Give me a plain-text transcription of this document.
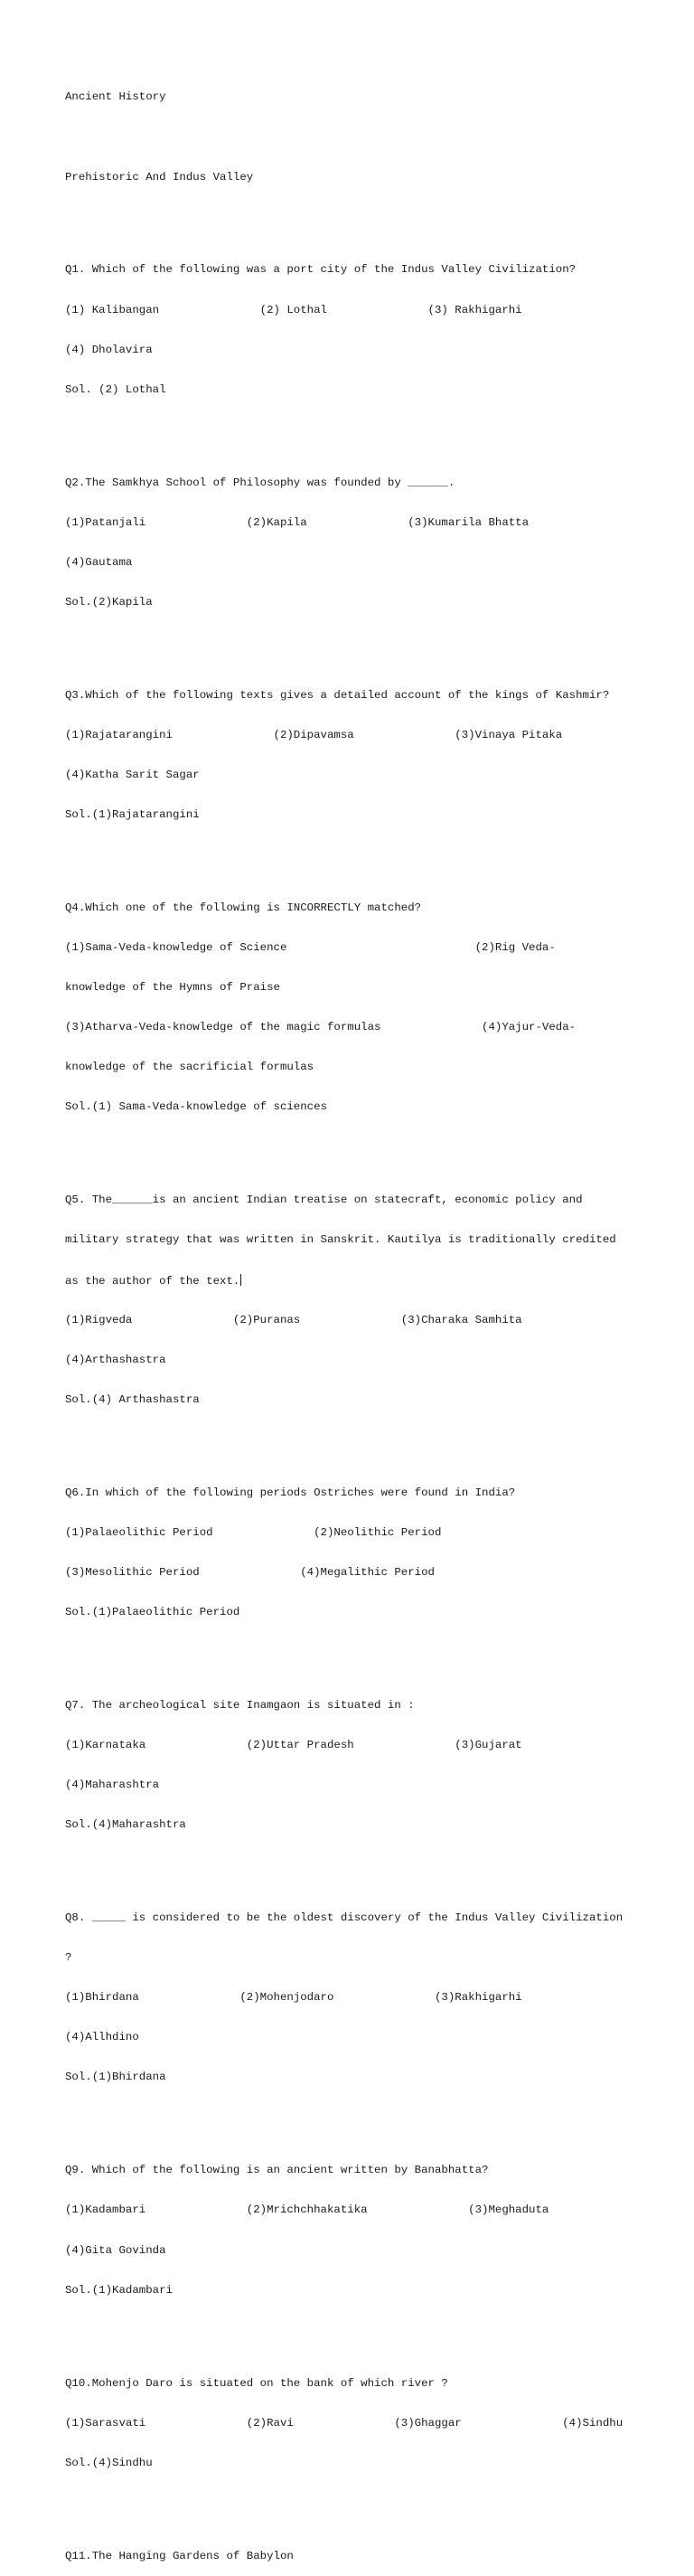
Ancient History

Prehistoric And Indus Valley

Q1. Which of the following was a port city of the Indus Valley Civilization?

(1) Kalibangan               (2) Lothal               (3) Rakhigarhi

(4) Dholavira

Sol. (2) Lothal

Q2.The Samkhya School of Philosophy was founded by ______.

(1)Patanjali               (2)Kapila               (3)Kumarila Bhatta

(4)Gautama

Sol.(2)Kapila

Q3.Which of the following texts gives a detailed account of the kings of Kashmir?

(1)Rajatarangini               (2)Dipavamsa               (3)Vinaya Pitaka

(4)Katha Sarit Sagar

Sol.(1)Rajatarangini

Q4.Which one of the following is INCORRECTLY matched?

(1)Sama-Veda-knowledge of Science                            (2)Rig Veda-

knowledge of the Hymns of Praise

(3)Atharva-Veda-knowledge of the magic formulas               (4)Yajur-Veda-

knowledge of the sacrificial formulas

Sol.(1) Sama-Veda-knowledge of sciences

Q5. The______is an ancient Indian treatise on statecraft, economic policy and

military strategy that was written in Sanskrit. Kautilya is traditionally credited

as the author of the text.

(1)Rigveda               (2)Puranas               (3)Charaka Samhita

(4)Arthashastra

Sol.(4) Arthashastra

Q6.In which of the following periods Ostriches were found in India?

(1)Palaeolithic Period               (2)Neolithic Period

(3)Mesolithic Period               (4)Megalithic Period

Sol.(1)Palaeolithic Period

Q7. The archeological site Inamgaon is situated in :

(1)Karnataka               (2)Uttar Pradesh               (3)Gujarat

(4)Maharashtra

Sol.(4)Maharashtra

Q8. _____ is considered to be the oldest discovery of the Indus Valley Civilization

?

(1)Bhirdana               (2)Mohenjodaro               (3)Rakhigarhi

(4)Allhdino

Sol.(1)Bhirdana

Q9. Which of the following is an ancient written by Banabhatta?

(1)Kadambari               (2)Mrichchhakatika               (3)Meghaduta

(4)Gita Govinda

Sol.(1)Kadambari

Q10.Mohenjo Daro is situated on the bank of which river ?

(1)Sarasvati               (2)Ravi               (3)Ghaggar               (4)Sindhu

Sol.(4)Sindhu

Q11.The Hanging Gardens of Babylon
